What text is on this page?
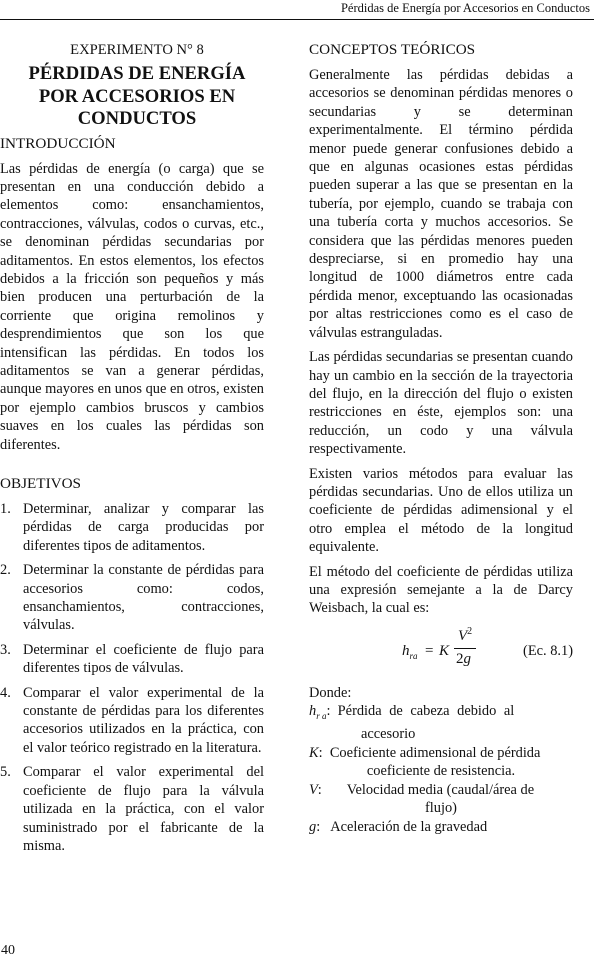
Pérdidas de Energía por Accesorios en Conductos

EXPERIMENTO N° 8

PÉRDIDAS DE ENERGÍA
POR ACCESORIOS EN
CONDUCTOS
INTRODUCCIÓN

Las pérdidas de energía (o carga) que se presentan en una conducción debido a elementos como: ensanchamientos, contracciones, válvulas, codos o curvas, etc., se denominan pérdidas secundarias por aditamentos. En estos elementos, los efectos debidos a la fricción son pequeños y más bien producen una perturbación de la corriente que origina remolinos y desprendimientos que son los que intensifican las pérdidas. En todos los aditamentos se van a generar pérdidas, aunque mayores en unos que en otros, existen por ejemplo cambios bruscos y cambios suaves en los cuales las pérdidas son diferentes.

OBJETIVOS
1. Determinar, analizar y comparar las pérdidas de carga producidas por diferentes tipos de aditamentos.
2. Determinar la constante de pérdidas para accesorios como: codos, ensanchamientos, contracciones, válvulas.
3. Determinar el coeficiente de flujo para diferentes tipos de válvulas.
4. Comparar el valor experimental de la constante de pérdidas para los diferentes accesorios utilizados en la práctica, con el valor teórico registrado en la literatura.
5. Comparar el valor experimental del coeficiente de flujo para la válvula utilizada en la práctica, con el valor suministrado por el fabricante de la misma.
CONCEPTOS TEÓRICOS

Generalmente las pérdidas debidas a accesorios se denominan pérdidas menores o secundarias y se determinan experimentalmente. El término pérdida menor puede generar confusiones debido a que en algunas ocasiones estas pérdidas pueden superar a las que se presentan en la tubería, por ejemplo, cuando se trabaja con una tubería corta y muchos accesorios. Se considera que las pérdidas menores pueden despreciarse, si en promedio hay una longitud de 1000 diámetros entre cada pérdida menor, exceptuando las ocasionadas por altas restricciones como es el caso de válvulas estranguladas.

Las pérdidas secundarias se presentan cuando hay un cambio en la sección de la trayectoria del flujo, en la dirección del flujo o existen restricciones en éste, ejemplos son: una reducción, un codo y una válvula respectivamente.

Existen varios métodos para evaluar las pérdidas secundarias. Uno de ellos utiliza un coeficiente de pérdidas adimensional y el otro emplea el método de la longitud equivalente.

El método del coeficiente de pérdidas utiliza una expresión semejante a la de Darcy Weisbach, la cual es:

$h_{ra} = K$
$V^2$
2g	(Ec. 8.1)

Donde:

$h_{r a}$: Pérdida de cabeza debido al
accesorio

K: Coeficiente adimensional de pérdida
coeficiente de resistencia.

V: Velocidad media (caudal/área de
flujo)

g: Aceleración de la gravedad

40
